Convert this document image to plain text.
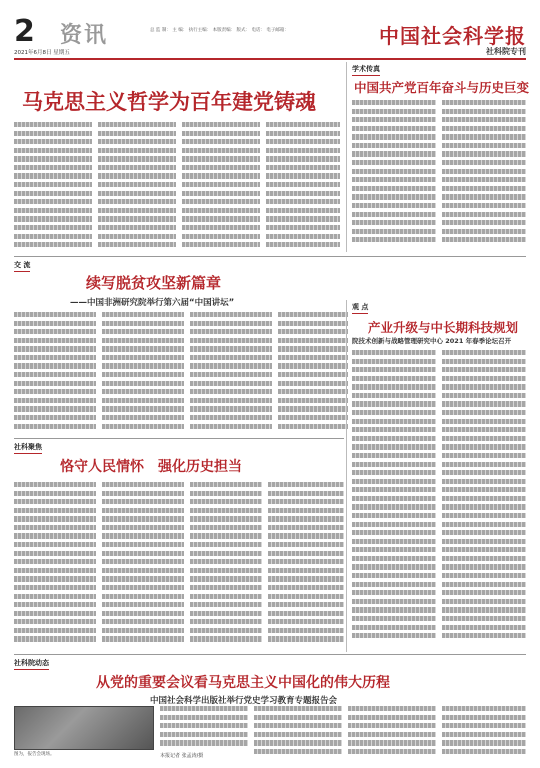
2 资讯
2021年6月8日 星期五
总 监 制： 主 编： 执行主编： 本版责编： 版式： 电话： 电子邮箱：	中国社会科学报
社科院专刊
马克思主义哲学为百年建党铸魂
学术传真
中国共产党百年奋斗与历史巨变
交 流
续写脱贫攻坚新篇章
——中国非洲研究院举行第六届“中国讲坛”	观 点
产业升级与中长期科技规划
院技术创新与战略管理研究中心 2021 年春季论坛召开
社科聚焦
恪守人民情怀　强化历史担当
社科院动态
从党的重要会议看马克思主义中国化的伟大历程
中国社会科学出版社举行党史学习教育专题报告会
图为，报告会现场。	本报记者 张孟涛/摄
